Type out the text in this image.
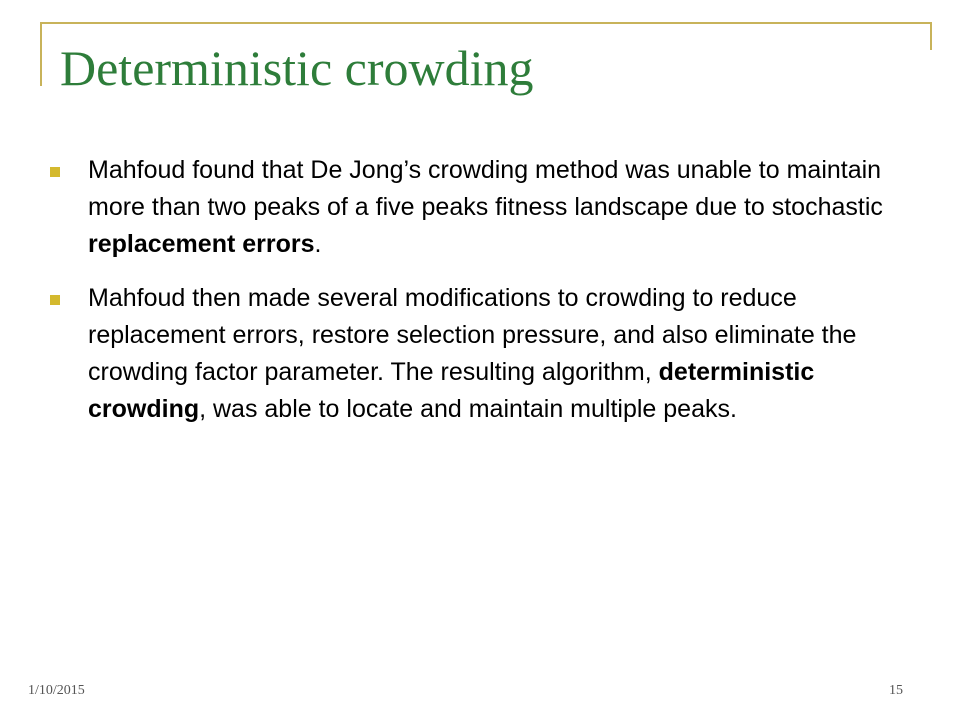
Deterministic crowding
Mahfoud found that De Jong’s crowding method was unable to maintain more than two peaks of a five peaks fitness landscape due to stochastic replacement errors.
Mahfoud then made several modifications to crowding to reduce replacement errors, restore selection pressure, and also eliminate the crowding factor parameter. The resulting algorithm, deterministic crowding, was able to locate and maintain multiple peaks.
1/10/2015	15
